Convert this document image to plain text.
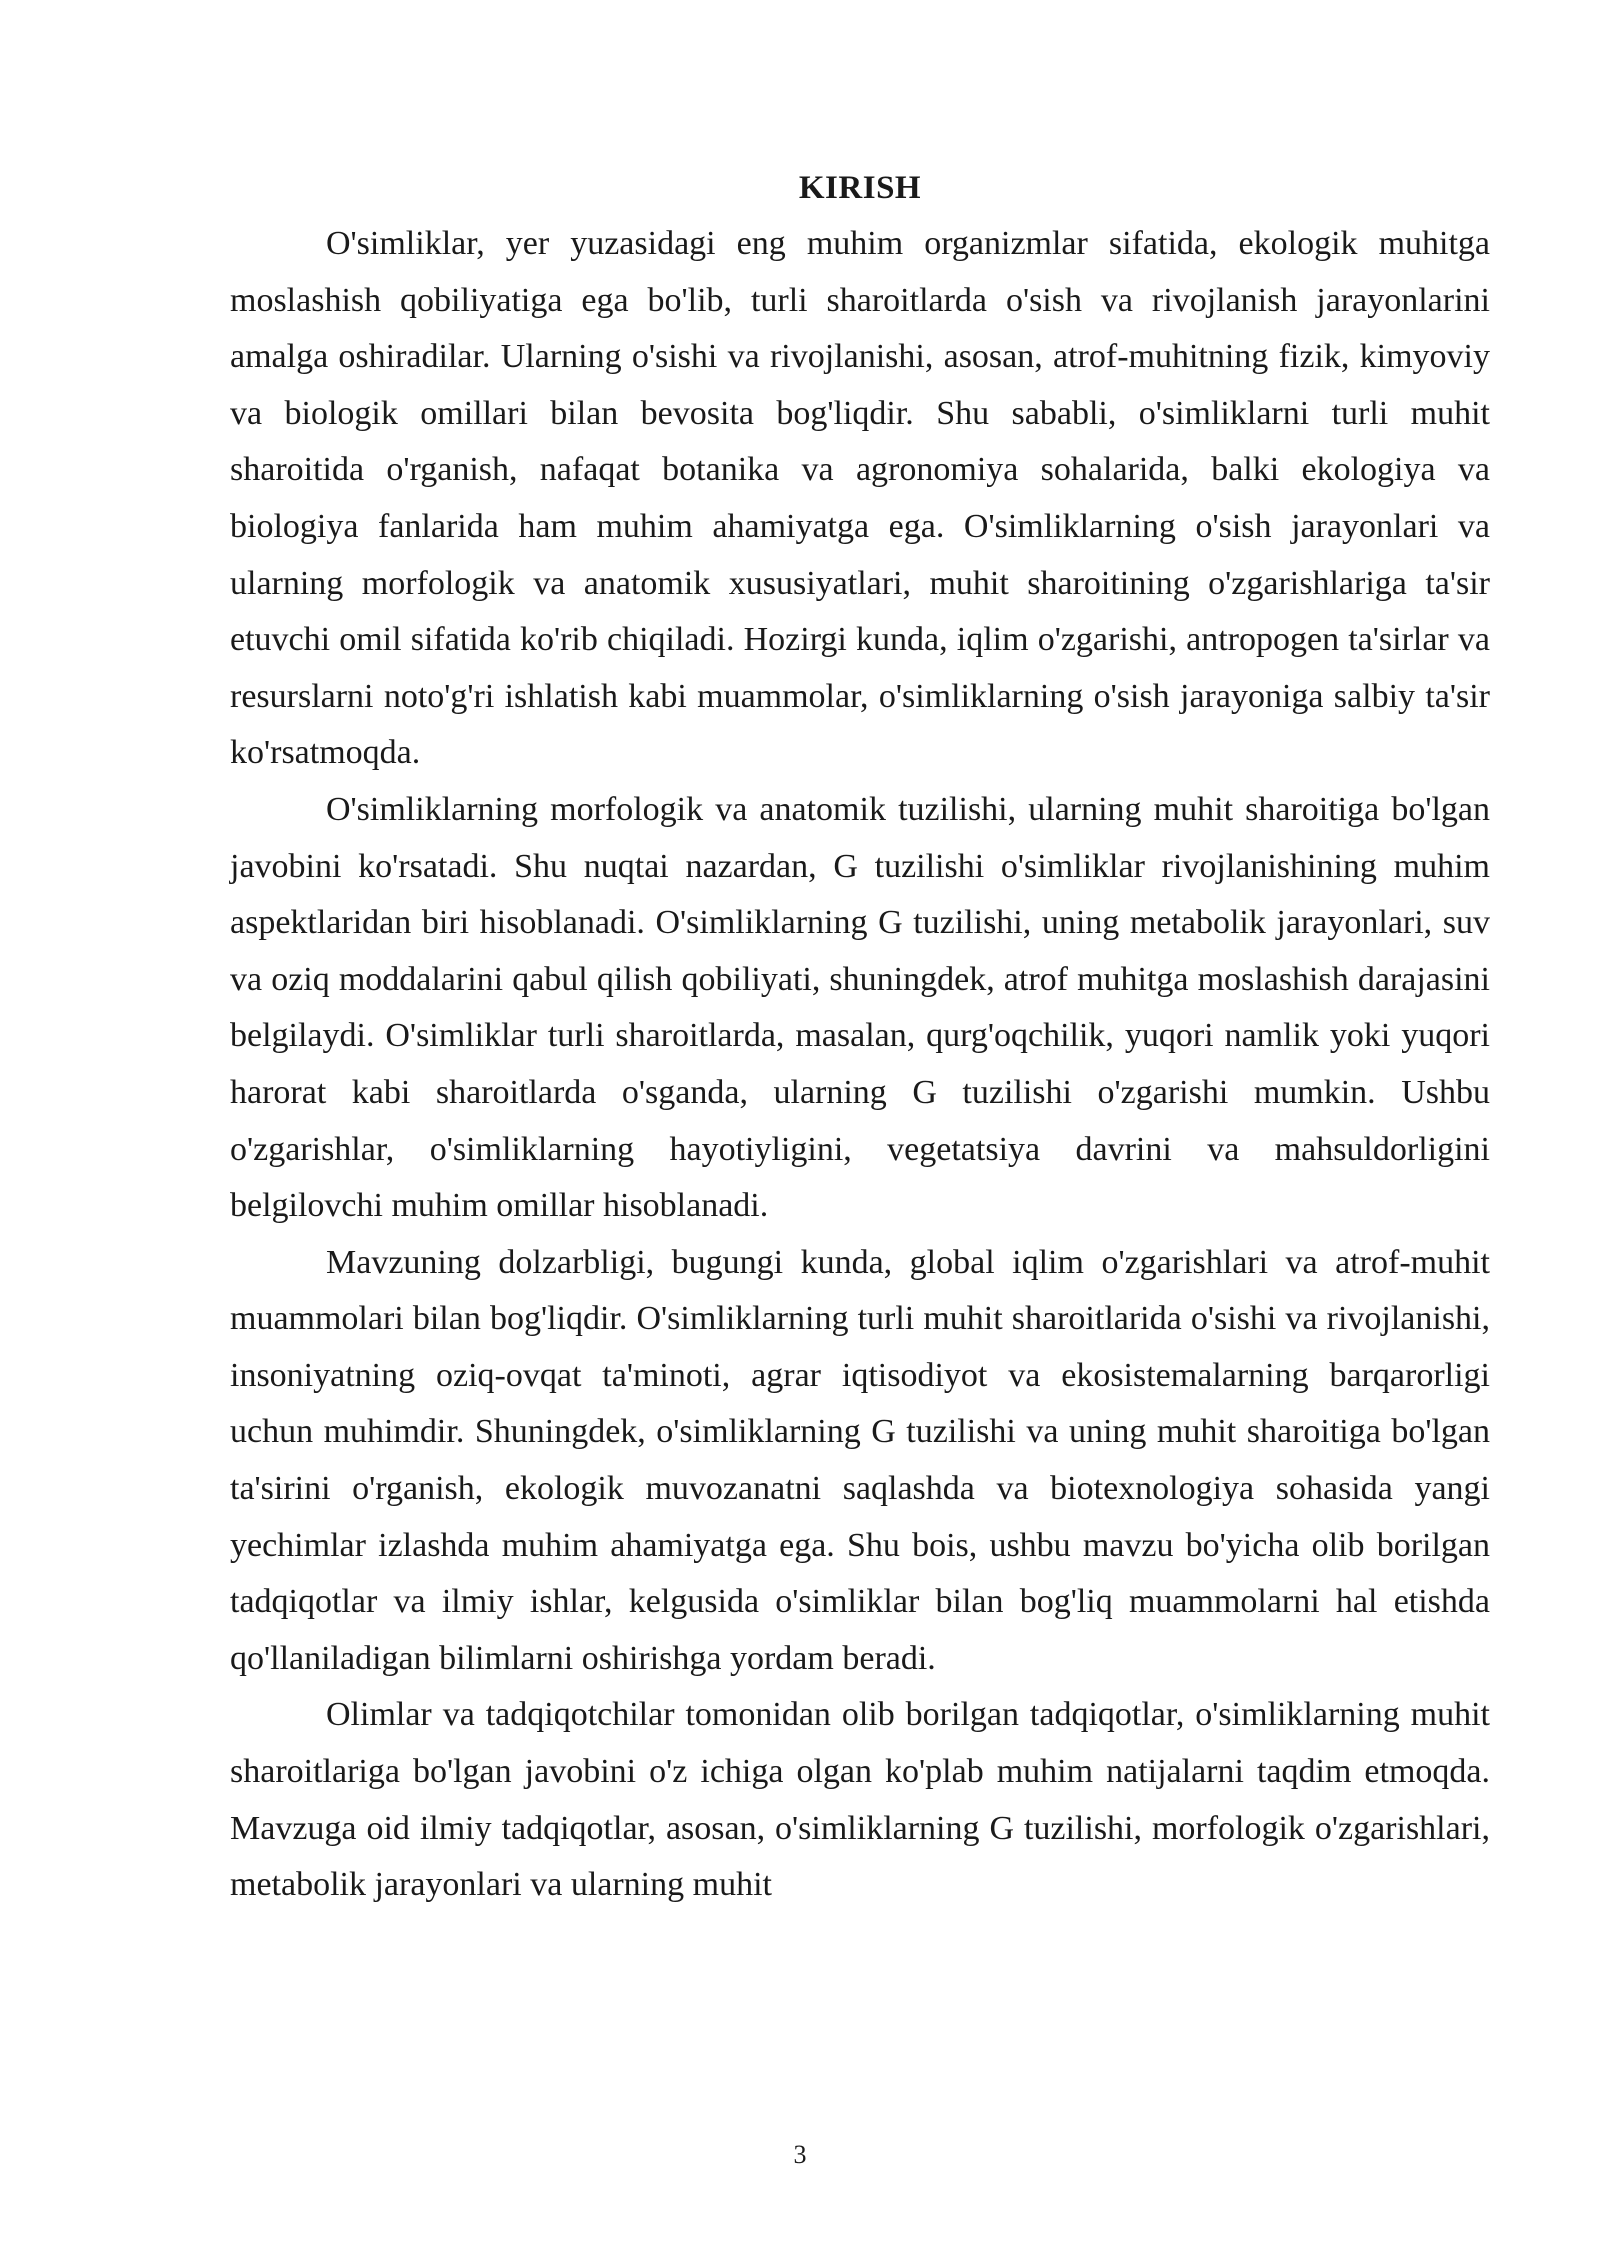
KIRISH

O'simliklar, yer yuzasidagi eng muhim organizmlar sifatida, ekologik muhitga moslashish qobiliyatiga ega bo'lib, turli sharoitlarda o'sish va rivojlanish jarayonlarini amalga oshiradilar. Ularning o'sishi va rivojlanishi, asosan, atrof-muhitning fizik, kimyoviy va biologik omillari bilan bevosita bog'liqdir. Shu sababli, o'simliklarni turli muhit sharoitida o'rganish, nafaqat botanika va agronomiya sohalarida, balki ekologiya va biologiya fanlarida ham muhim ahamiyatga ega. O'simliklarning o'sish jarayonlari va ularning morfologik va anatomik xususiyatlari, muhit sharoitining o'zgarishlariga ta'sir etuvchi omil sifatida ko'rib chiqiladi. Hozirgi kunda, iqlim o'zgarishi, antropogen ta'sirlar va resurslarni noto'g'ri ishlatish kabi muammolar, o'simliklarning o'sish jarayoniga salbiy ta'sir ko'rsatmoqda.

O'simliklarning morfologik va anatomik tuzilishi, ularning muhit sharoitiga bo'lgan javobini ko'rsatadi. Shu nuqtai nazardan, G tuzilishi o'simliklar rivojlanishining muhim aspektlaridan biri hisoblanadi. O'simliklarning G tuzilishi, uning metabolik jarayonlari, suv va oziq moddalarini qabul qilish qobiliyati, shuningdek, atrof muhitga moslashish darajasini belgilaydi. O'simliklar turli sharoitlarda, masalan, qurg'oqchilik, yuqori namlik yoki yuqori harorat kabi sharoitlarda o'sganda, ularning G tuzilishi o'zgarishi mumkin. Ushbu o'zgarishlar, o'simliklarning hayotiyligini, vegetatsiya davrini va mahsuldorligini belgilovchi muhim omillar hisoblanadi.

Mavzuning dolzarbligi, bugungi kunda, global iqlim o'zgarishlari va atrof-muhit muammolari bilan bog'liqdir. O'simliklarning turli muhit sharoitlarida o'sishi va rivojlanishi, insoniyatning oziq-ovqat ta'minoti, agrar iqtisodiyot va ekosistemalarning barqarorligi uchun muhimdir. Shuningdek, o'simliklarning G tuzilishi va uning muhit sharoitiga bo'lgan ta'sirini o'rganish, ekologik muvozanatni saqlashda va biotexnologiya sohasida yangi yechimlar izlashda muhim ahamiyatga ega. Shu bois, ushbu mavzu bo'yicha olib borilgan tadqiqotlar va ilmiy ishlar, kelgusida o'simliklar bilan bog'liq muammolarni hal etishda qo'llaniladigan bilimlarni oshirishga yordam beradi.

Olimlar va tadqiqotchilar tomonidan olib borilgan tadqiqotlar, o'simliklarning muhit sharoitlariga bo'lgan javobini o'z ichiga olgan ko'plab muhim natijalarni taqdim etmoqda. Mavzuga oid ilmiy tadqiqotlar, asosan, o'simliklarning G tuzilishi, morfologik o'zgarishlari, metabolik jarayonlari va ularning muhit

3
